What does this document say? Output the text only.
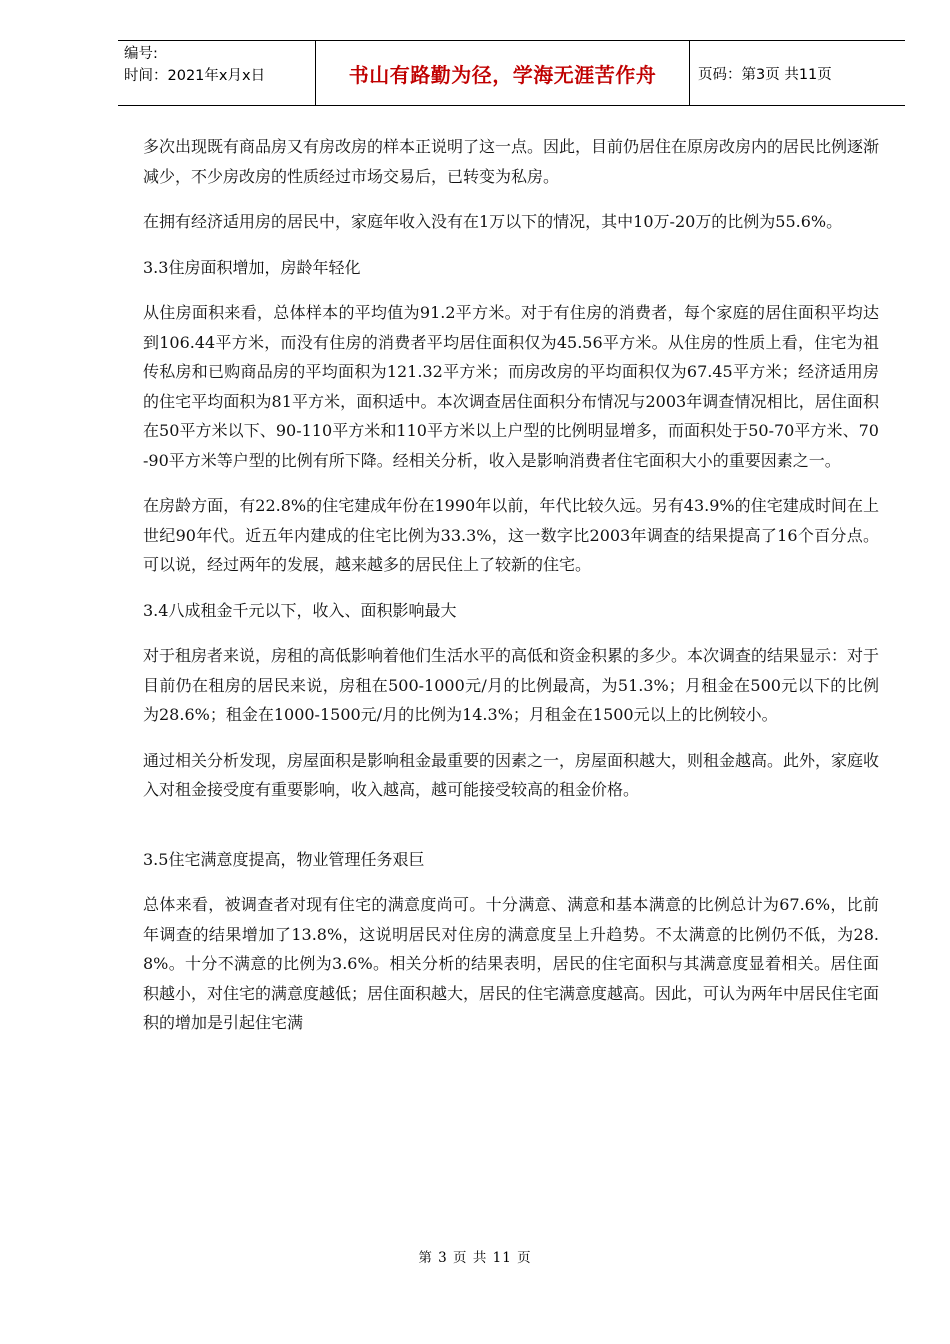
编号:
时间：2021年x月x日	书山有路勤为径，学海无涯苦作舟	页码：第3页 共11页

多次出现既有商品房又有房改房的样本正说明了这一点。因此，目前仍居住在原房改房内的居民比例逐渐减少，不少房改房的性质经过市场交易后，已转变为私房。

在拥有经济适用房的居民中，家庭年收入没有在1万以下的情况，其中10万-20万的比例为55.6%。

3.3住房面积增加，房龄年轻化

从住房面积来看，总体样本的平均值为91.2平方米。对于有住房的消费者，每个家庭的居住面积平均达到106.44平方米，而没有住房的消费者平均居住面积仅为45.56平方米。从住房的性质上看，住宅为祖传私房和已购商品房的平均面积为121.32平方米；而房改房的平均面积仅为67.45平方米；经济适用房的住宅平均面积为81平方米，面积适中。本次调查居住面积分布情况与2003年调查情况相比，居住面积在50平方米以下、90-110平方米和110平方米以上户型的比例明显增多，而面积处于50-70平方米、70-90平方米等户型的比例有所下降。经相关分析，收入是影响消费者住宅面积大小的重要因素之一。

在房龄方面，有22.8%的住宅建成年份在1990年以前，年代比较久远。另有43.9%的住宅建成时间在上世纪90年代。近五年内建成的住宅比例为33.3%，这一数字比2003年调查的结果提高了16个百分点。可以说，经过两年的发展，越来越多的居民住上了较新的住宅。

3.4八成租金千元以下，收入、面积影响最大

对于租房者来说，房租的高低影响着他们生活水平的高低和资金积累的多少。本次调查的结果显示：对于目前仍在租房的居民来说，房租在500-1000元/月的比例最高，为51.3%；月租金在500元以下的比例为28.6%；租金在1000-1500元/月的比例为14.3%；月租金在1500元以上的比例较小。

通过相关分析发现，房屋面积是影响租金最重要的因素之一，房屋面积越大，则租金越高。此外，家庭收入对租金接受度有重要影响，收入越高，越可能接受较高的租金价格。

3.5住宅满意度提高，物业管理任务艰巨

总体来看，被调查者对现有住宅的满意度尚可。十分满意、满意和基本满意的比例总计为67.6%，比前年调查的结果增加了13.8%，这说明居民对住房的满意度呈上升趋势。不太满意的比例仍不低，为28.8%。十分不满意的比例为3.6%。相关分析的结果表明，居民的住宅面积与其满意度显着相关。居住面积越小，对住宅的满意度越低；居住面积越大，居民的住宅满意度越高。因此，可认为两年中居民住宅面积的增加是引起住宅满

第 3 页 共 11 页
